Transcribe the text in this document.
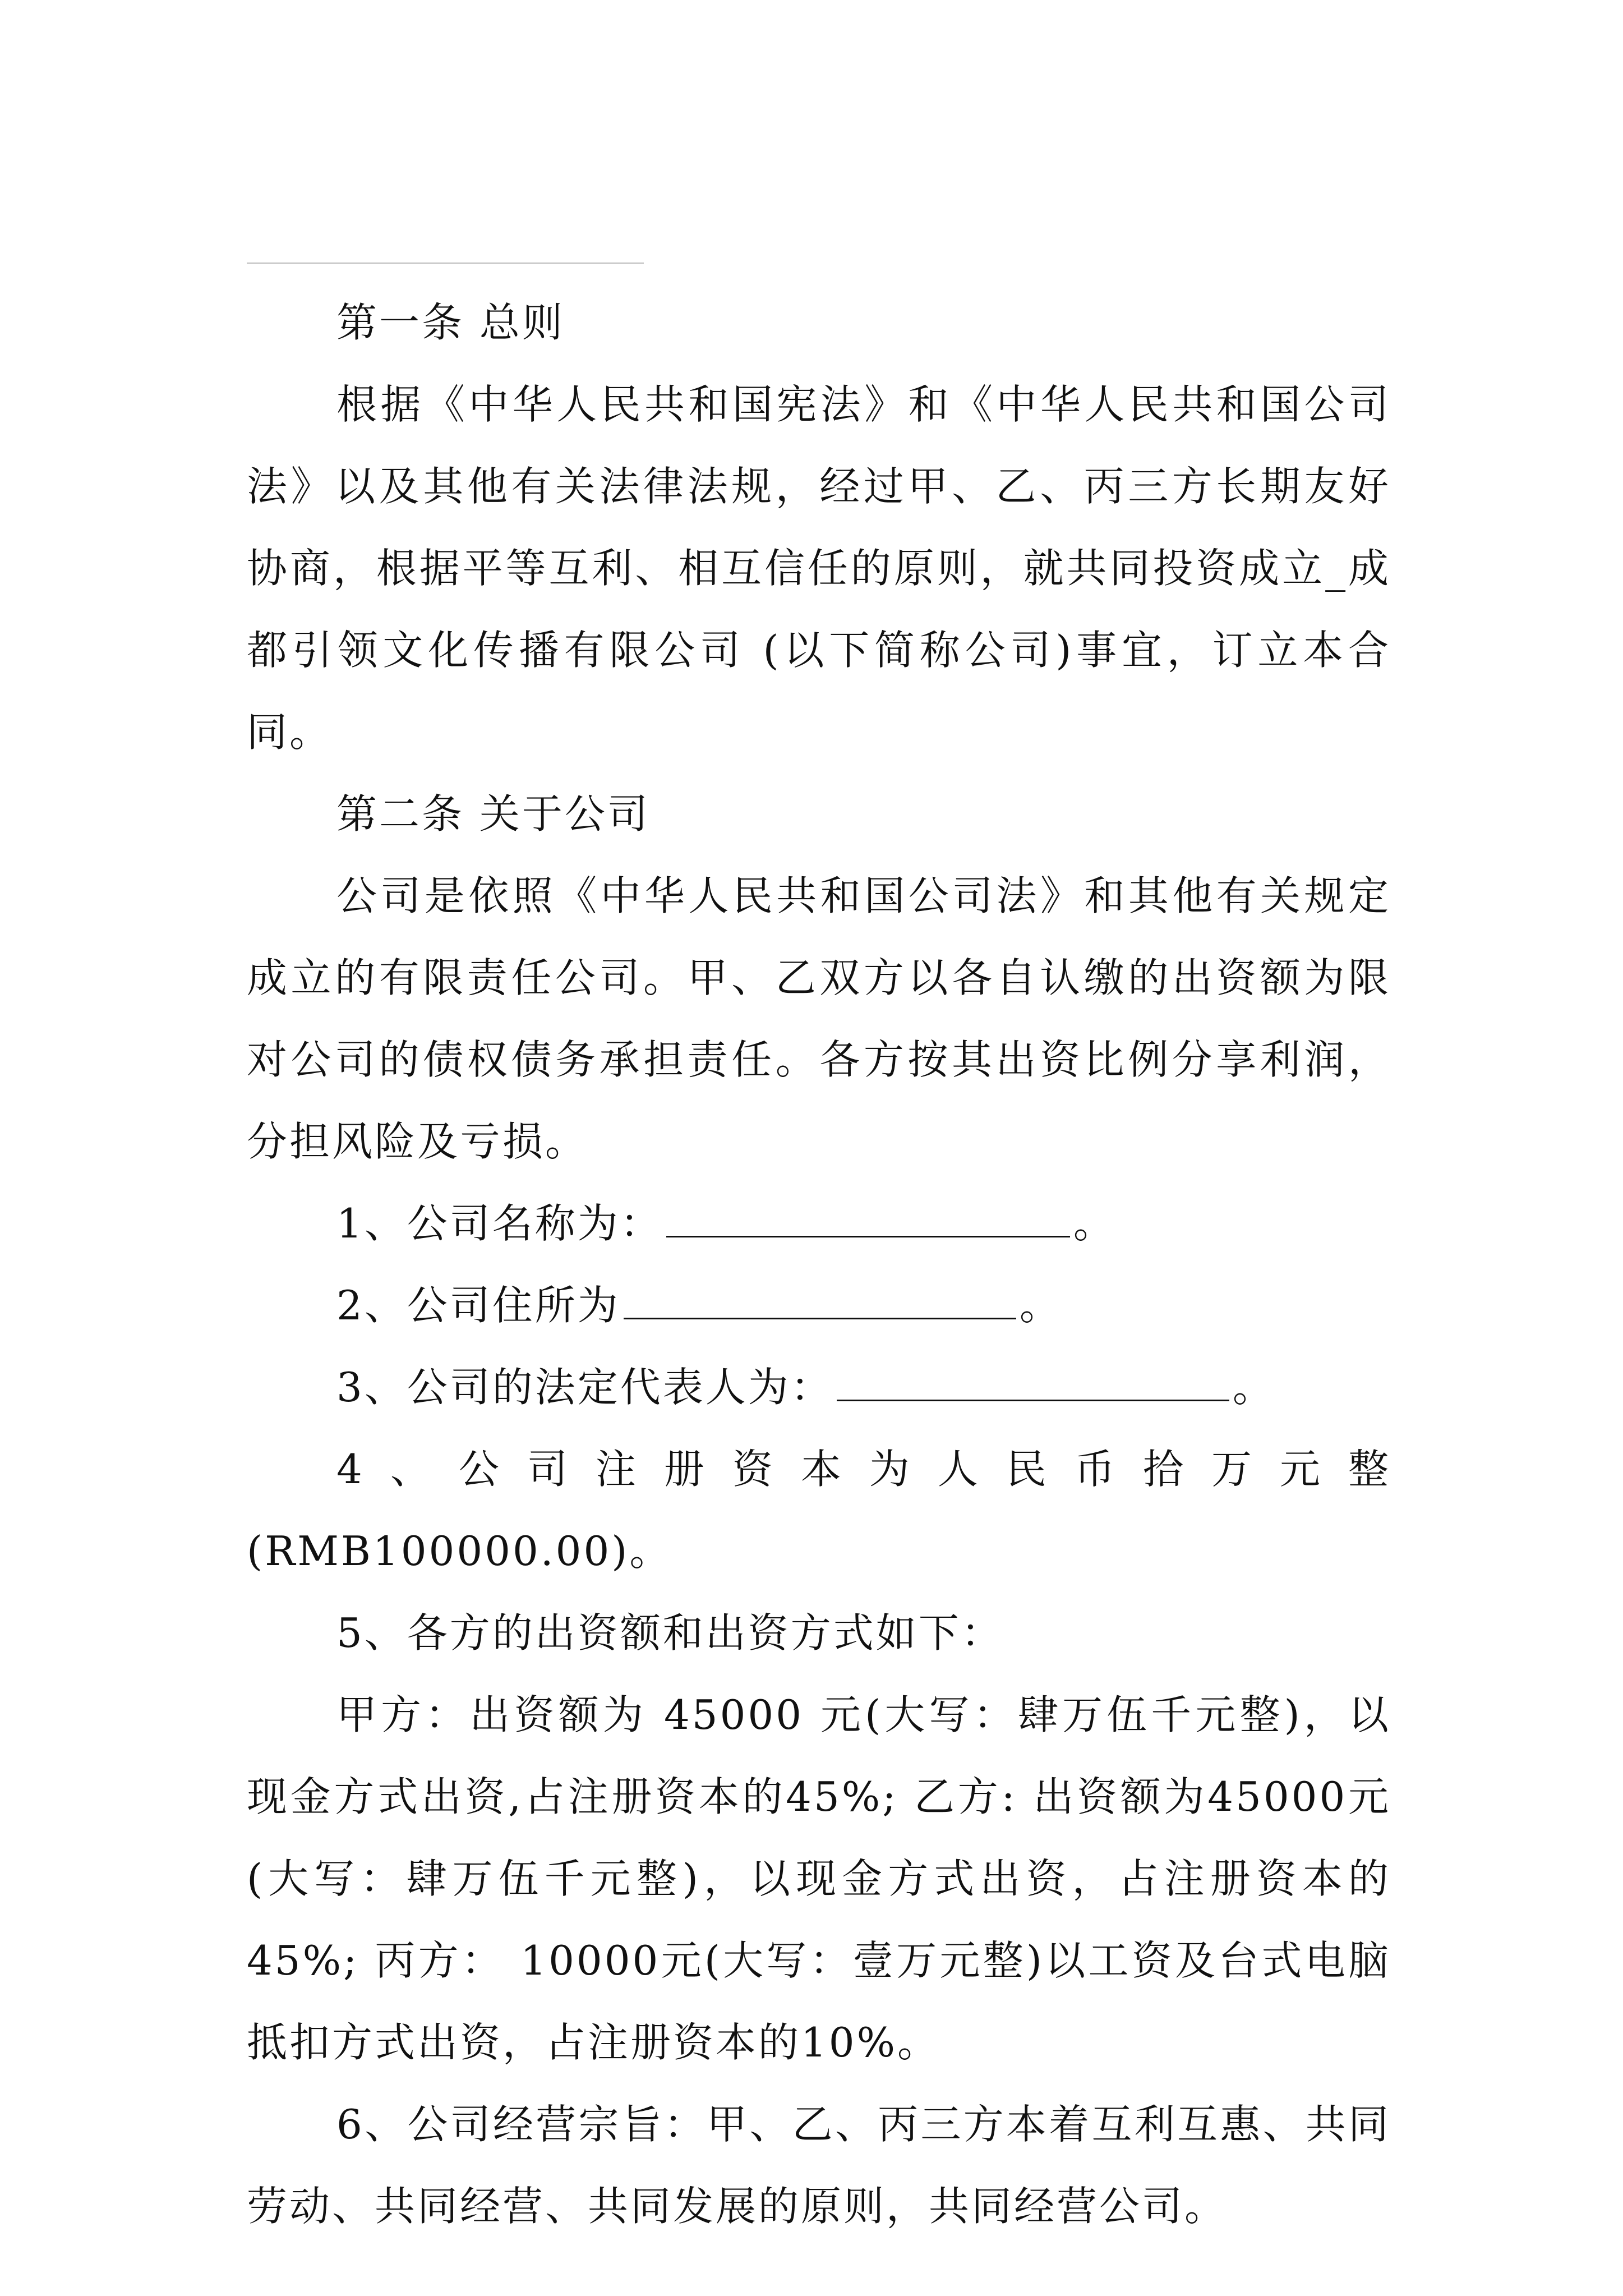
第一条 总则

根据《中华人民共和国宪法》和《中华人民共和国公司法》以及其他有关法律法规，经过甲、乙、丙三方长期友好协商，根据平等互利、相互信任的原则，就共同投资成立_成都引领文化传播有限公司 (以下简称公司)事宜，订立本合同。

第二条 关于公司

公司是依照《中华人民共和国公司法》和其他有关规定成立的有限责任公司。甲、乙双方以各自认缴的出资额为限对公司的债权债务承担责任。各方按其出资比例分享利润，分担风险及亏损。

1、公司名称为：	。

2、公司住所为	。

3、公司的法定代表人为：	。

4、公司注册资本为人民币拾万元整(RMB100000.00)。

5、各方的出资额和出资方式如下：

甲方：出资额为 45000 元(大写：肆万伍千元整)，以现金方式出资,占注册资本的45%; 乙方: 出资额为45000元(大写：肆万伍千元整)，以现金方式出资，占注册资本的45%; 丙方： 10000元(大写：壹万元整)以工资及台式电脑抵扣方式出资，占注册资本的10%。

6、公司经营宗旨：甲、乙、丙三方本着互利互惠、共同劳动、共同经营、共同发展的原则，共同经营公司。
